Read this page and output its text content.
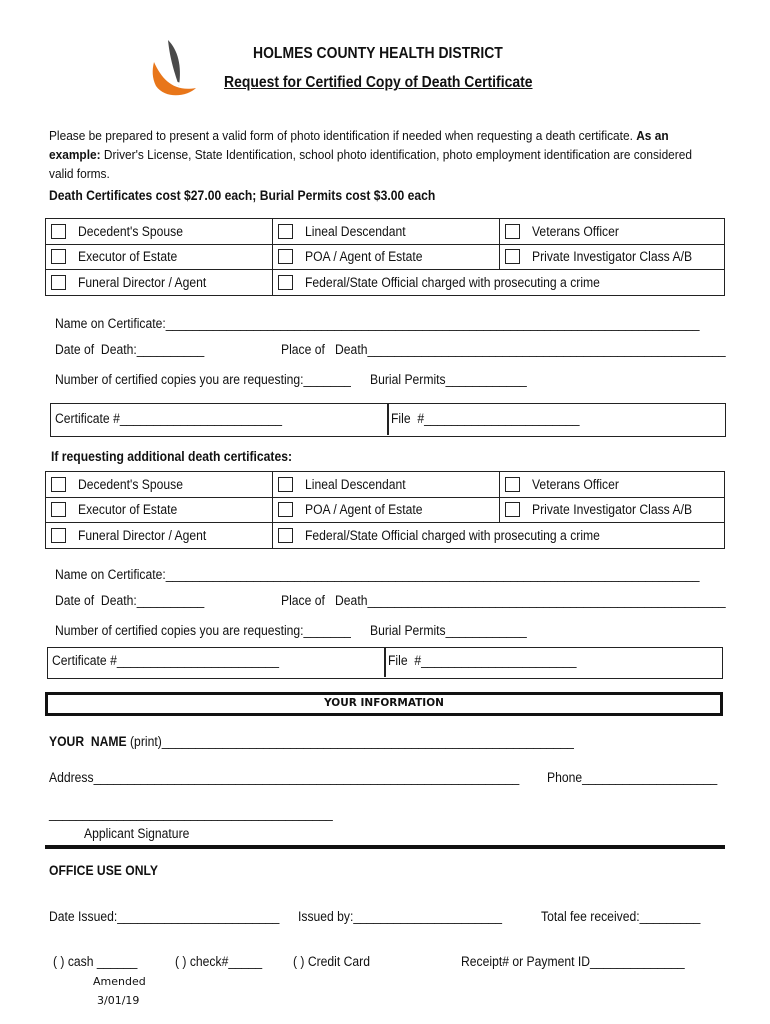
HOLMES COUNTY HEALTH DISTRICT
Request for Certified Copy of Death Certificate
Please be prepared to present a valid form of photo identification if needed when requesting a death certificate. As an example: Driver's License, State Identification, school photo identification, photo employment identification are considered valid forms.
Death Certificates cost $27.00 each; Burial Permits cost $3.00 each
Decedent's Spouse	Lineal Descendant	Veterans Officer
Executor of Estate	POA / Agent of Estate	Private Investigator Class A/B
Funeral Director / Agent	Federal/State Official charged with prosecuting a crime	
Name on Certificate:_______________________________________________________________________________
Date of  Death:__________	Place of   Death_____________________________________________________
Number of certified copies you are requesting:_______ Burial Permits____________
Certificate #________________________	File  #_______________________
If requesting additional death certificates:
Decedent's Spouse	Lineal Descendant	Veterans Officer
Executor of Estate	POA / Agent of Estate	Private Investigator Class A/B
Funeral Director / Agent	Federal/State Official charged with prosecuting a crime	
Name on Certificate:_______________________________________________________________________________
Date of  Death:__________	Place of   Death_____________________________________________________
Number of certified copies you are requesting:_______ Burial Permits____________
Certificate #________________________	File  #_______________________
YOUR INFORMATION
YOUR  NAME (print)_____________________________________________________________
Address_______________________________________________________________ Phone____________________
__________________________________________
Applicant Signature
OFFICE USE ONLY
Date Issued:________________________ Issued by:______________________	Total fee received:_________
( ) cash ______	( ) check#_____ ( ) Credit Card	Receipt# or Payment ID______________
Amended
3/01/19
